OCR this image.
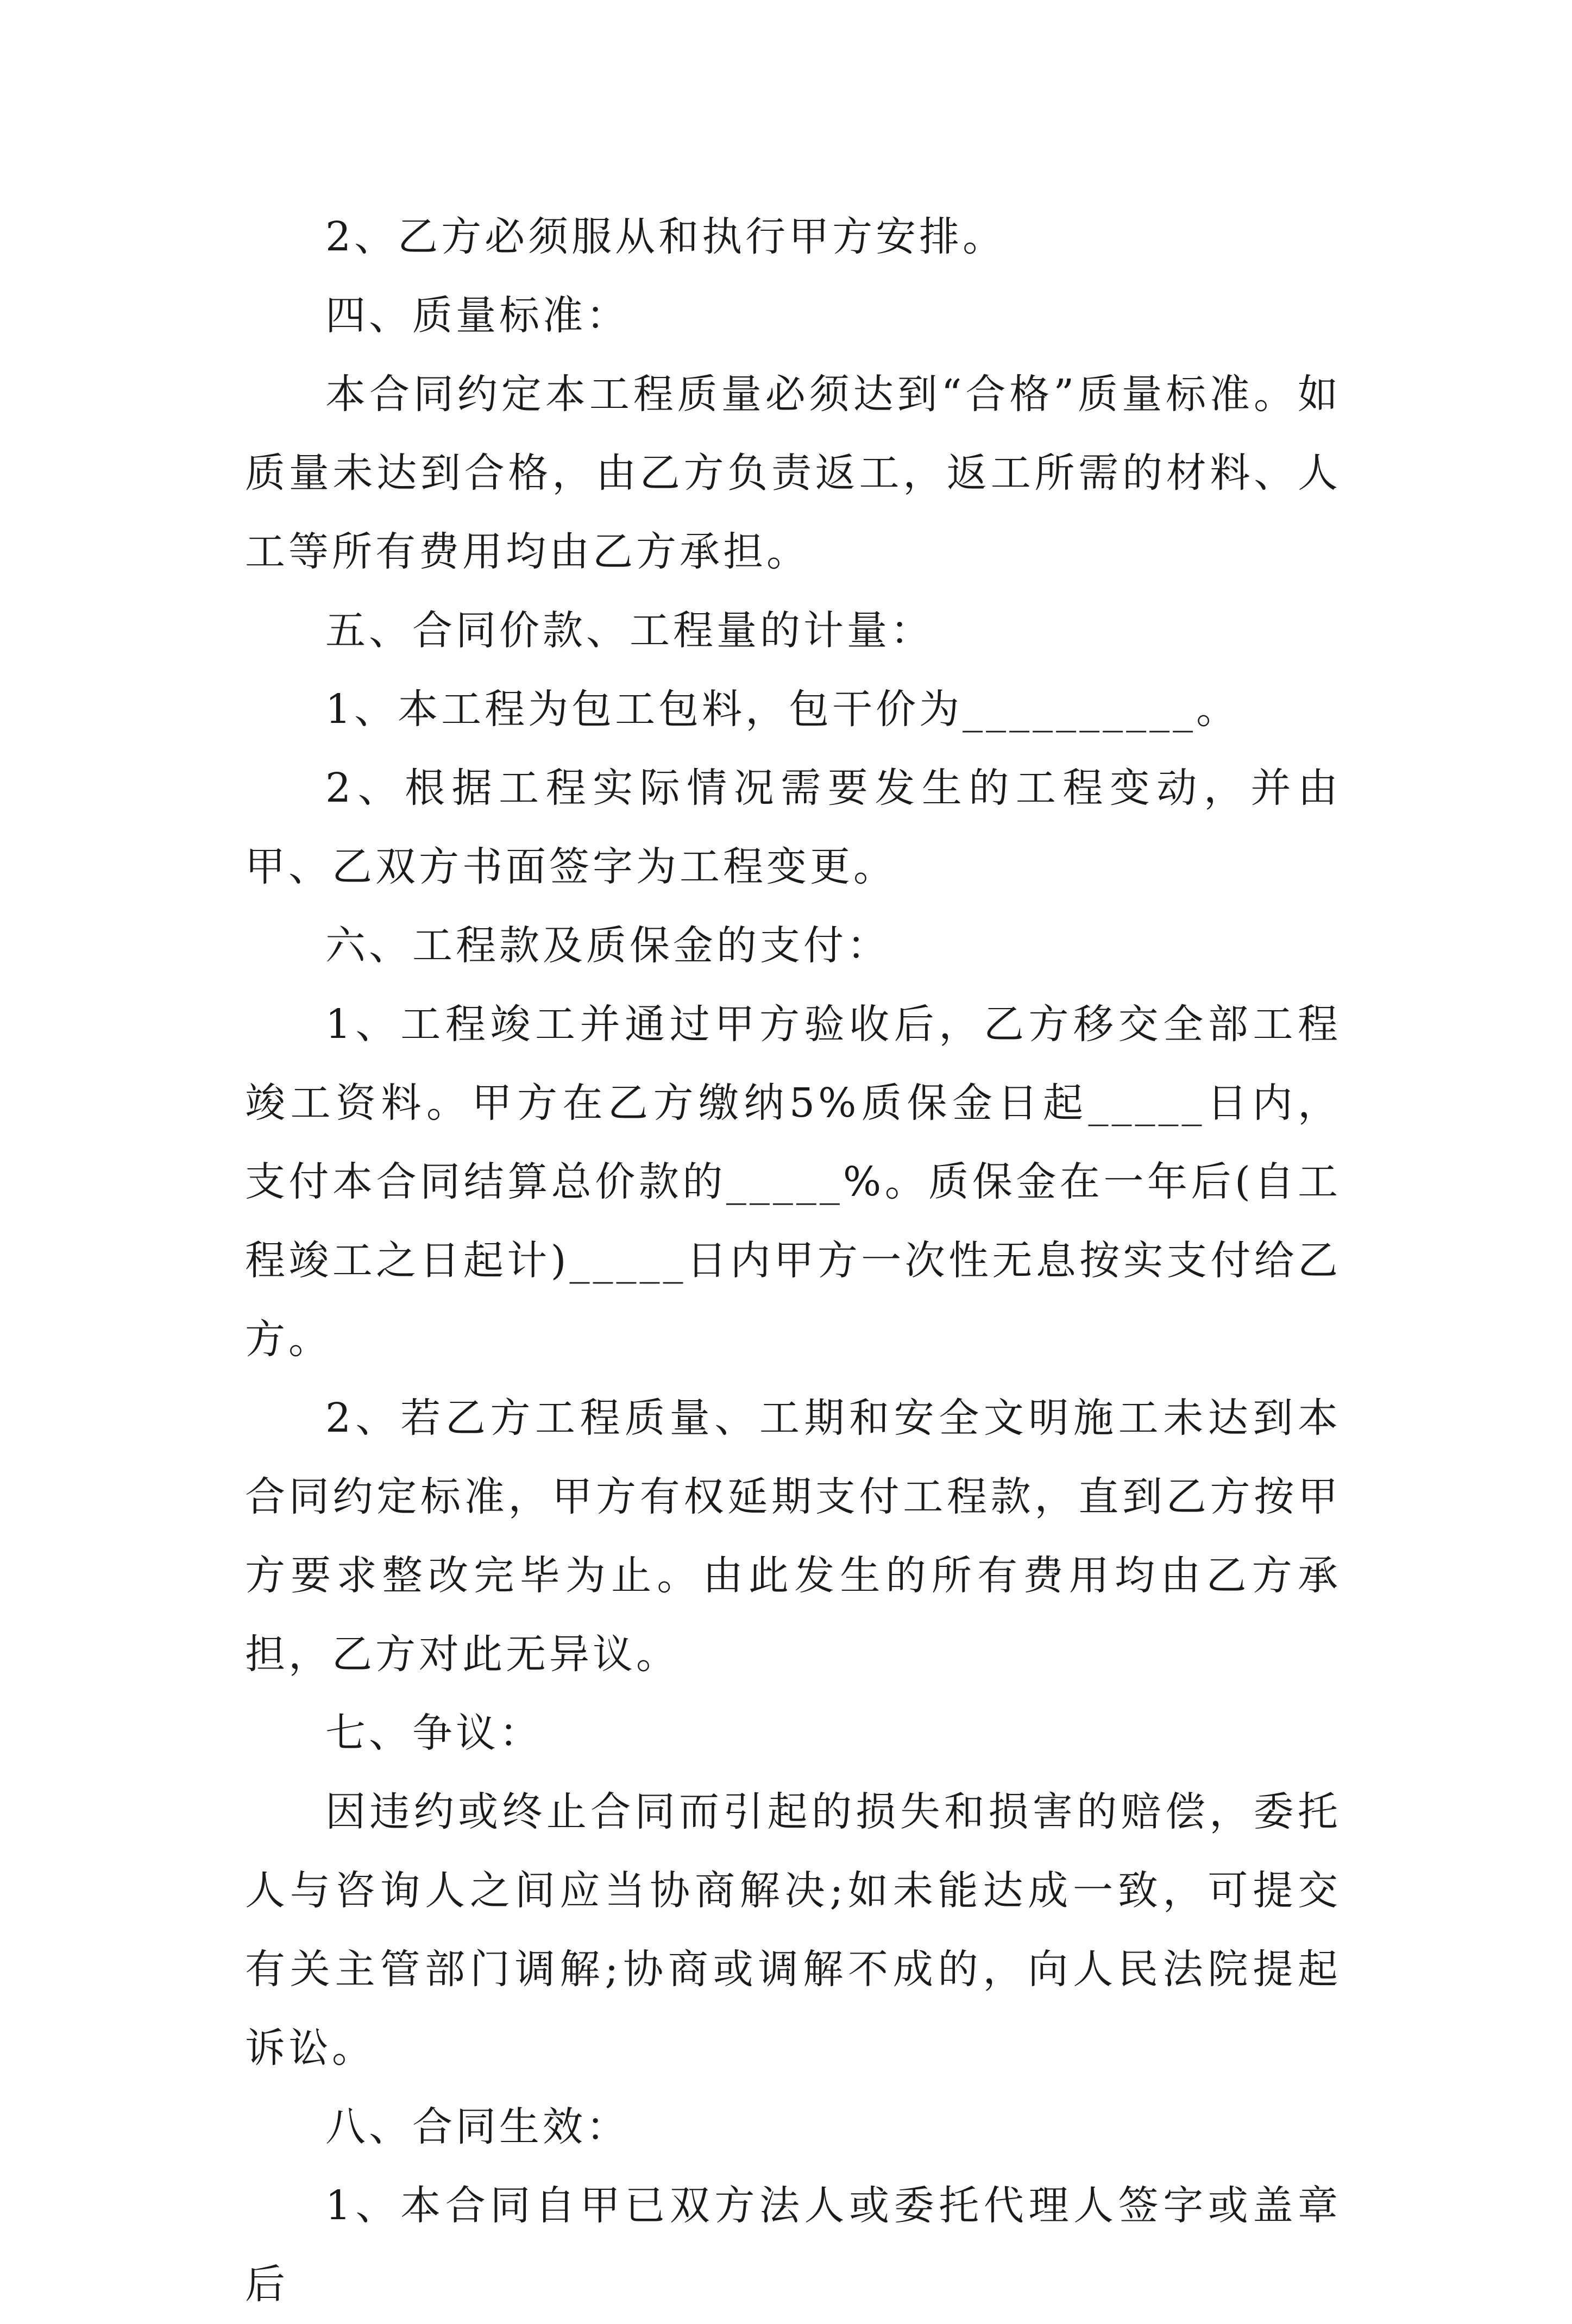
2、乙方必须服从和执行甲方安排。

四、质量标准：

本合同约定本工程质量必须达到“合格”质量标准。如质量未达到合格，由乙方负责返工，返工所需的材料、人工等所有费用均由乙方承担。

五、合同价款、工程量的计量：

1、本工程为包工包料，包干价为__________。

2、根据工程实际情况需要发生的工程变动，并由甲、乙双方书面签字为工程变更。

六、工程款及质保金的支付：

1、工程竣工并通过甲方验收后，乙方移交全部工程竣工资料。甲方在乙方缴纳5%质保金日起_____日内，支付本合同结算总价款的_____%。质保金在一年后(自工程竣工之日起计)_____日内甲方一次性无息按实支付给乙方。

2、若乙方工程质量、工期和安全文明施工未达到本合同约定标准，甲方有权延期支付工程款，直到乙方按甲方要求整改完毕为止。由此发生的所有费用均由乙方承担，乙方对此无异议。

七、争议：

因违约或终止合同而引起的损失和损害的赔偿，委托人与咨询人之间应当协商解决;如未能达成一致，可提交有关主管部门调解;协商或调解不成的，向人民法院提起诉讼。

八、合同生效：

1、本合同自甲已双方法人或委托代理人签字或盖章后
